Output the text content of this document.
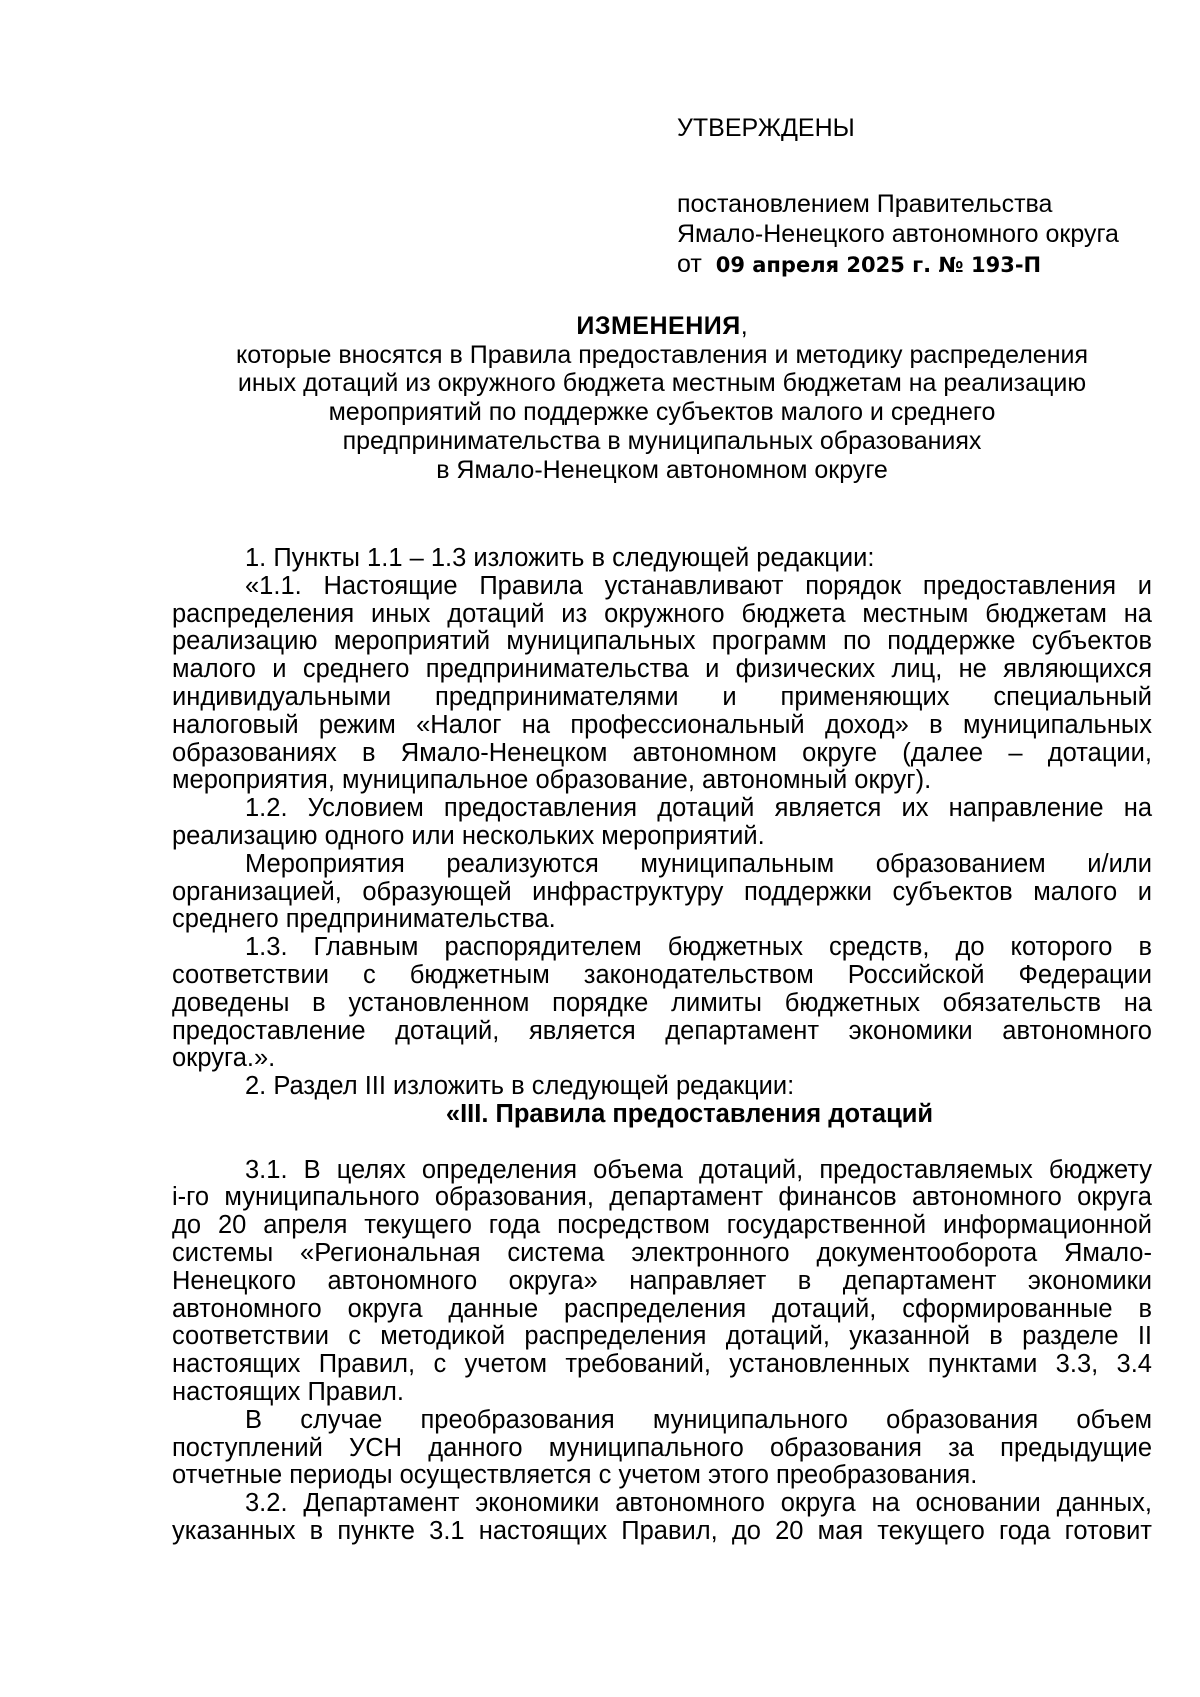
УТВЕРЖДЕНЫ
постановлением Правительства
Ямало-Ненецкого автономного округа
от 09 апреля 2025 г. № 193-П
ИЗМЕНЕНИЯ,
которые вносятся в Правила предоставления и методику распределения
иных дотаций из окружного бюджета местным бюджетам на реализацию
мероприятий по поддержке субъектов малого и среднего
предпринимательства в муниципальных образованиях
в Ямало-Ненецком автономном округе
1. Пункты 1.1 – 1.3 изложить в следующей редакции:
«1.1. Настоящие Правила устанавливают порядок предоставления и
распределения иных дотаций из окружного бюджета местным бюджетам на
реализацию мероприятий муниципальных программ по поддержке субъектов
малого и среднего предпринимательства и физических лиц, не являющихся
индивидуальными предпринимателями и применяющих специальный
налоговый режим «Налог на профессиональный доход» в муниципальных
образованиях в Ямало-Ненецком автономном округе (далее – дотации,
мероприятия, муниципальное образование, автономный округ).
1.2. Условием предоставления дотаций является их направление на
реализацию одного или нескольких мероприятий.
Мероприятия реализуются муниципальным образованием и/или
организацией, образующей инфраструктуру поддержки субъектов малого и
среднего предпринимательства.
1.3. Главным распорядителем бюджетных средств, до которого в
соответствии с бюджетным законодательством Российской Федерации
доведены в установленном порядке лимиты бюджетных обязательств на
предоставление дотаций, является департамент экономики автономного
округа.».
2. Раздел III изложить в следующей редакции:
«III. Правила предоставления дотаций
3.1. В целях определения объема дотаций, предоставляемых бюджету
i-го муниципального образования, департамент финансов автономного округа
до 20 апреля текущего года посредством государственной информационной
системы «Региональная система электронного документооборота Ямало-
Ненецкого автономного округа» направляет в департамент экономики
автономного округа данные распределения дотаций, сформированные в
соответствии с методикой распределения дотаций, указанной в разделе II
настоящих Правил, с учетом требований, установленных пунктами 3.3, 3.4
настоящих Правил.
В случае преобразования муниципального образования объем
поступлений УСН данного муниципального образования за предыдущие
отчетные периоды осуществляется с учетом этого преобразования.
3.2. Департамент экономики автономного округа на основании данных,
указанных в пункте 3.1 настоящих Правил, до 20 мая текущего года готовит
